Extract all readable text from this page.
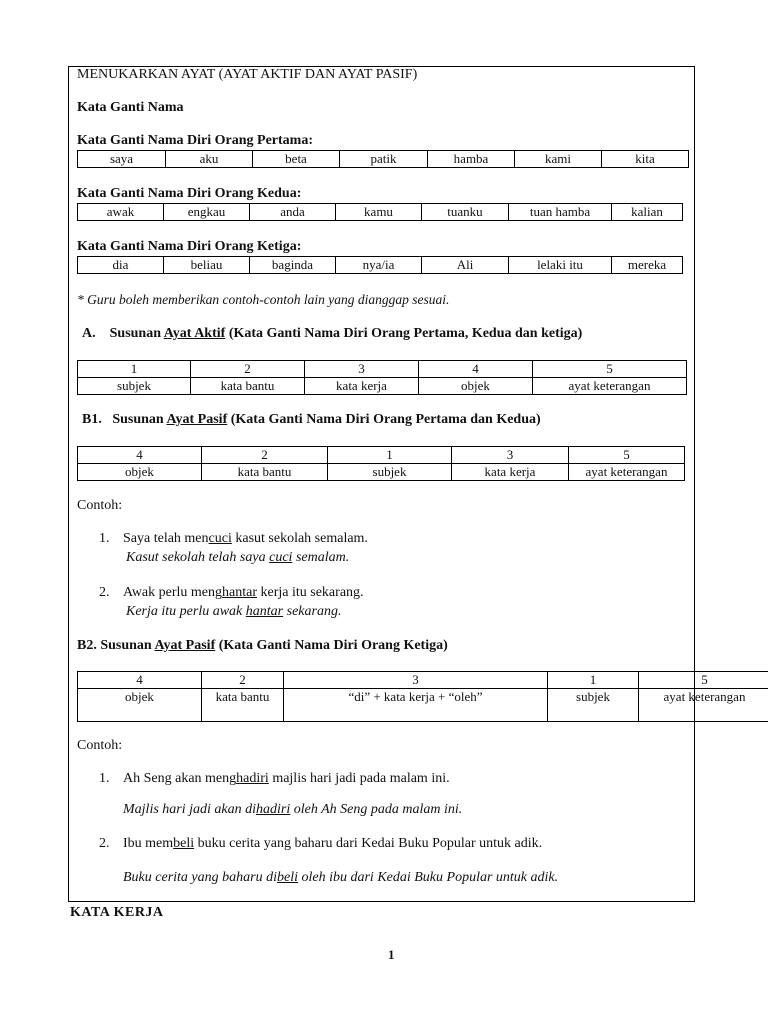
MENUKARKAN AYAT (AYAT AKTIF DAN AYAT PASIF)
Kata Ganti Nama
Kata Ganti Nama Diri Orang Pertama:
saya	aku	beta	patik	hamba	kami	kita
Kata Ganti Nama Diri Orang Kedua:
awak	engkau	anda	kamu	tuanku	tuan hamba	kalian
Kata Ganti Nama Diri Orang Ketiga:
dia	beliau	baginda	nya/ia	Ali	lelaki itu	mereka
* Guru boleh memberikan contoh-contoh lain yang dianggap sesuai.
A. Susunan Ayat Aktif (Kata Ganti Nama Diri Orang Pertama, Kedua dan ketiga)
1	2	3	4	5
subjek	kata bantu	kata kerja	objek	ayat keterangan
B1. Susunan Ayat Pasif (Kata Ganti Nama Diri Orang Pertama dan Kedua)
4	2	1	3	5
objek	kata bantu	subjek	kata kerja	ayat keterangan
Contoh:
1. Saya telah mencuci kasut sekolah semalam.
Kasut sekolah telah saya cuci semalam.
2. Awak perlu menghantar kerja itu sekarang.
Kerja itu perlu awak hantar sekarang.
B2. Susunan Ayat Pasif (Kata Ganti Nama Diri Orang Ketiga)
4	2	3	1	5
objek	kata bantu	“di” + kata kerja + “oleh”	subjek	ayat keterangan
Contoh:
1. Ah Seng akan menghadiri majlis hari jadi pada malam ini.
Majlis hari jadi akan dihadiri oleh Ah Seng pada malam ini.
2. Ibu membeli buku cerita yang baharu dari Kedai Buku Popular untuk adik.
Buku cerita yang baharu dibeli oleh ibu dari Kedai Buku Popular untuk adik.
KATA KERJA
1
